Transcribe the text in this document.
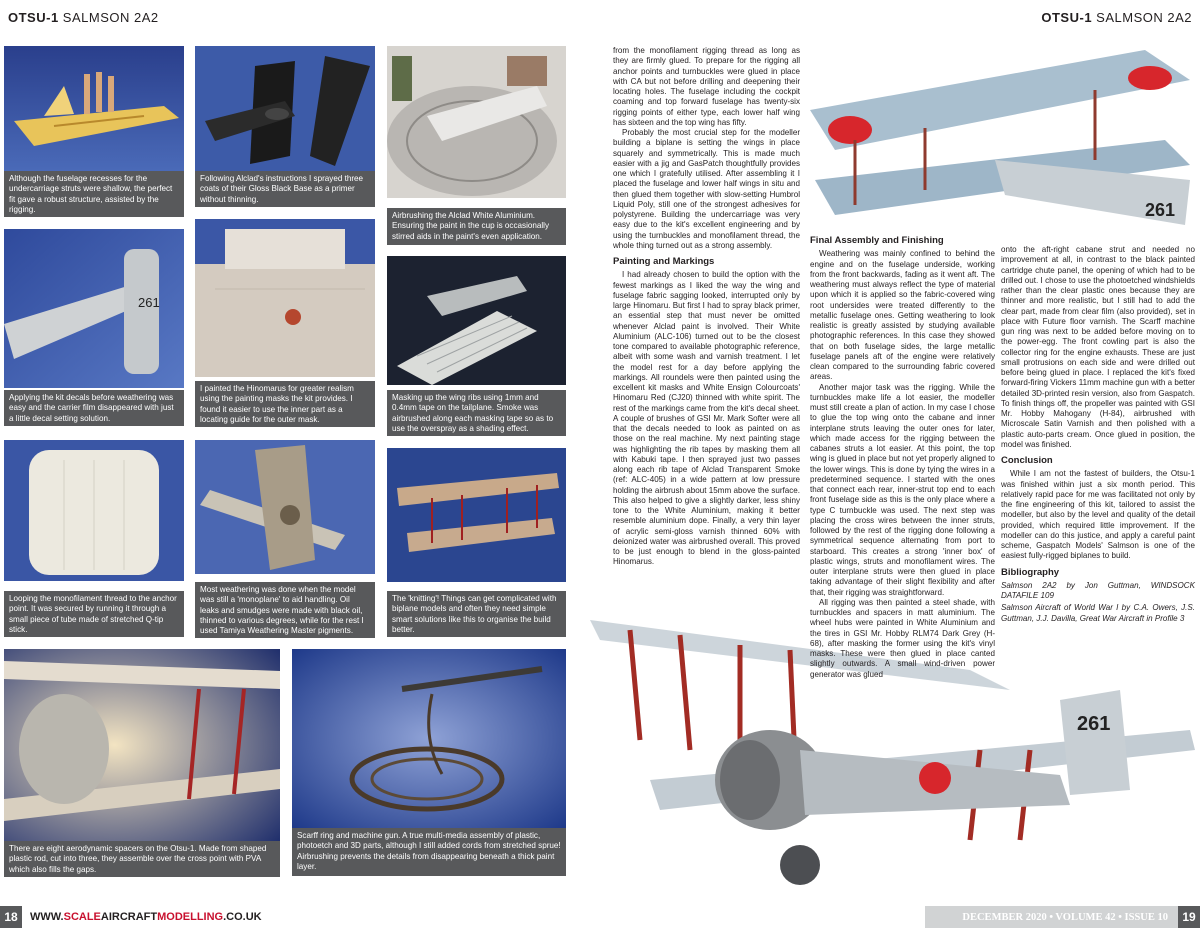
OTSU-1 SALMSON 2A2	OTSU-1 SALMSON 2A2
Although the fuselage recesses for the undercarriage struts were shallow, the perfect fit gave a robust structure, assisted by the rigging.
Following Alclad's instructions I sprayed three coats of their Gloss Black Base as a primer without thinning.
Airbrushing the Alclad White Aluminium. Ensuring the paint in the cup is occasionally stirred aids in the paint's even application.
261
Applying the kit decals before weathering was easy and the carrier film disappeared with just a little decal setting solution.
I painted the Hinomarus for greater realism using the painting masks the kit provides. I found it easier to use the inner part as a locating guide for the outer mask.
Masking up the wing ribs using 1mm and 0.4mm tape on the tailplane. Smoke was airbrushed along each masking tape so as to use the overspray as a shading effect.
Looping the monofilament thread to the anchor point. It was secured by running it through a small piece of tube made of stretched Q-tip stick.
Most weathering was done when the model was still a 'monoplane' to aid handling. Oil leaks and smudges were made with black oil, thinned to various degrees, while for the rest I used Tamiya Weathering Master pigments.
The 'knitting'! Things can get complicated with biplane models and often they need simple smart solutions like this to organise the build better.
There are eight aerodynamic spacers on the Otsu-1. Made from shaped plastic rod, cut into three, they assemble over the cross point with PVA which also fills the gaps.
Scarff ring and machine gun. A true multi-media assembly of plastic, photoetch and 3D parts, although I still added cords from stretched sprue! Airbrushing prevents the details from disappearing beneath a thick paint layer.
261
261

from the monofilament rigging thread as long as they are firmly glued. To prepare for the rigging all anchor points and turnbuckles were glued in place with CA but not before drilling and deepening their locating holes. The fuselage including the cockpit coaming and top forward fuselage has twenty-six rigging points of either type, each lower half wing has sixteen and the top wing has fifty.

Probably the most crucial step for the modeller building a biplane is setting the wings in place squarely and symmetrically. This is made much easier with a jig and GasPatch thoughtfully provides one which I gratefully utilised. After assembling it I placed the fuselage and lower half wings in situ and then glued them together with slow-setting Humbrol Liquid Poly, still one of the strongest adhesives for polystyrene. Building the undercarriage was very easy due to the kit's excellent engineering and by using the turnbuckles and monofilament thread, the whole thing turned out as a strong assembly.

Painting and Markings

I had already chosen to build the option with the fewest markings as I liked the way the wing and fuselage fabric sagging looked, interrupted only by large Hinomaru. But first I had to spray black primer, an essential step that must never be omitted whenever Alclad paint is involved. Their White Aluminium (ALC-106) turned out to be the closest tone compared to available photographic reference, albeit with some wash and varnish treatment. I let the model rest for a day before applying the markings. All roundels were then painted using the excellent kit masks and White Ensign Colourcoats' Hinomaru Red (CJ20) thinned with white spirit. The rest of the markings came from the kit's decal sheet. A couple of brushes of GSI Mr. Mark Softer were all that the decals needed to look as painted on as those on the real machine. My next painting stage was highlighting the rib tapes by masking them all with Kabuki tape. I then sprayed just two passes along each rib tape of Alclad Transparent Smoke (ref: ALC-405) in a wide pattern at low pressure holding the airbrush about 15mm above the surface. This also helped to give a slightly darker, less shiny tone to the White Aluminium, making it better resemble aluminium dope. Finally, a very thin layer of acrylic semi-gloss varnish thinned 60% with deionized water was airbrushed overall. This proved to be just enough to blend in the gloss-painted Hinomarus.

Final Assembly and Finishing

Weathering was mainly confined to behind the engine and on the fuselage underside, working from the front backwards, fading as it went aft. The weathering must always reflect the type of material upon which it is applied so the fabric-covered wing root undersides were treated differently to the metallic fuselage ones. Getting weathering to look realistic is greatly assisted by studying available photographic references. In this case they showed that on both fuselage sides, the large metallic fuselage panels aft of the engine were relatively clean compared to the surrounding fabric covered areas.

Another major task was the rigging. While the turnbuckles make life a lot easier, the modeller must still create a plan of action. In my case I chose to glue the top wing onto the cabane and inner interplane struts leaving the outer ones for later, which made access for the rigging between the cabanes struts a lot easier. At this point, the top wing is glued in place but not yet properly aligned to the lower wings. This is done by tying the wires in a predetermined sequence. I started with the ones that connect each rear, inner-strut top end to each front fuselage side as this is the only place where a type C turnbuckle was used. The next step was placing the cross wires between the inner struts, followed by the rest of the rigging done following a symmetrical sequence alternating from port to starboard. This creates a strong 'inner box' of plastic wings, struts and monofilament wires. The outer interplane struts were then glued in place taking advantage of their slight flexibility and after that, their rigging was straightforward.

All rigging was then painted a steel shade, with turnbuckles and spacers in matt aluminium. The wheel hubs were painted in White Aluminium and the tires in GSI Mr. Hobby RLM74 Dark Grey (H-68), after masking the former using the kit's vinyl masks. These were then glued in place canted slightly outwards. A small wind-driven power generator was glued

onto the aft-right cabane strut and needed no improvement at all, in contrast to the black painted cartridge chute panel, the opening of which had to be drilled out. I chose to use the photoetched windshields rather than the clear plastic ones because they are thinner and more realistic, but I still had to add the clear part, made from clear film (also provided), set in place with Future floor varnish. The Scarff machine gun ring was next to be added before moving on to the power-egg. The front cowling part is also the collector ring for the engine exhausts. These are just small protrusions on each side and were drilled out before being glued in place. I replaced the kit's fixed forward-firing Vickers 11mm machine gun with a better detailed 3D-printed resin version, also from Gaspatch. To finish things off, the propeller was painted with GSI Mr. Hobby Mahogany (H-84), airbrushed with Microscale Satin Varnish and then polished with a plastic auto-parts cream. Once glued in position, the model was finished.

Conclusion

While I am not the fastest of builders, the Otsu-1 was finished within just a six month period. This relatively rapid pace for me was facilitated not only by the fine engineering of this kit, tailored to assist the modeller, but also by the level and quality of the detail provided, which required little improvement. If the modeller can do this justice, and apply a careful paint scheme, Gaspatch Models' Salmson is one of the easiest fully-rigged biplanes to build.

Bibliography

Salmson 2A2 by Jon Guttman, WINDSOCK DATAFILE 109

Salmson Aircraft of World War I by C.A. Owers, J.S. Guttman, J.J. Davilla, Great War Aircraft in Profile 3

18	WWW.SCALEAIRCRAFTMODELLING.CO.UK	DECEMBER 2020 • VOLUME 42 • ISSUE 10	19
